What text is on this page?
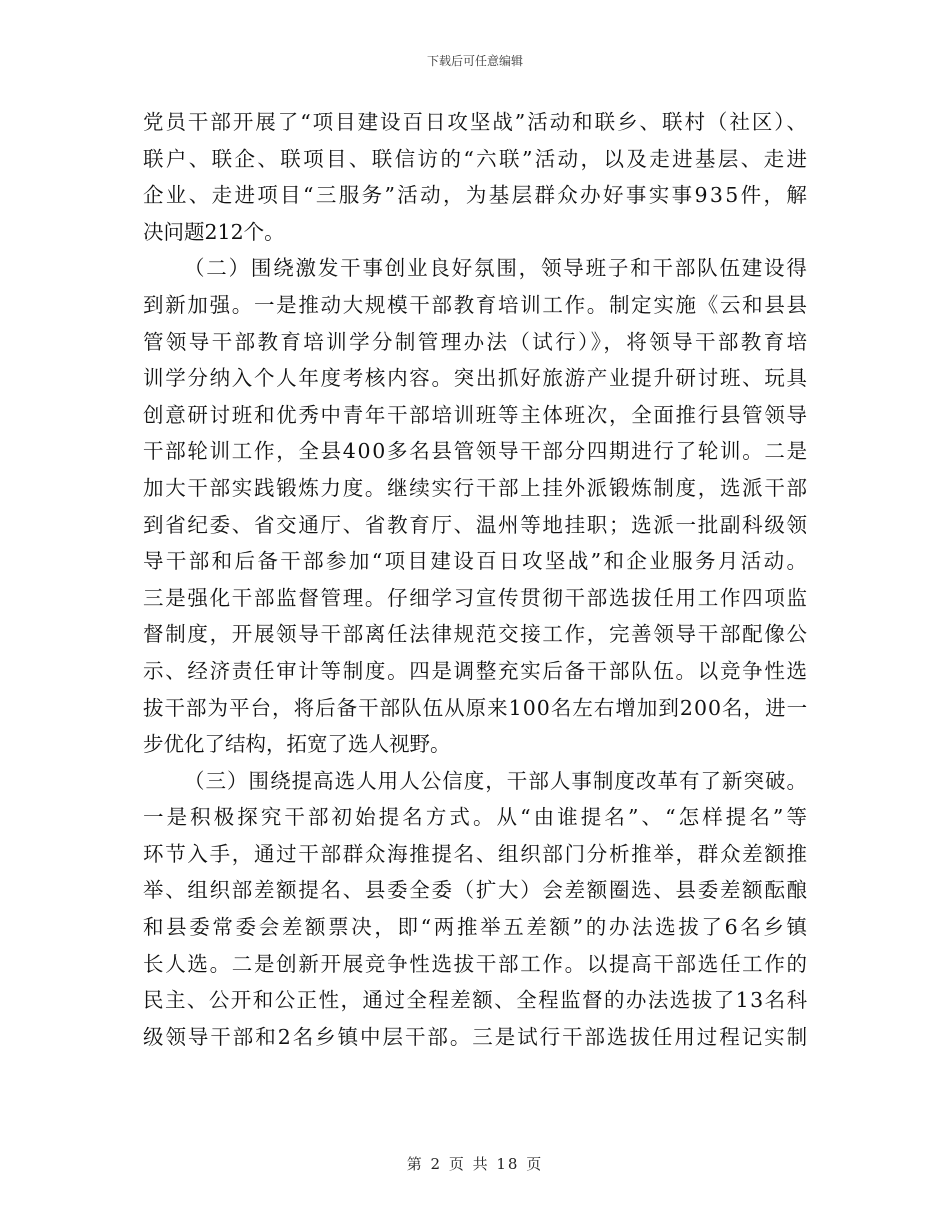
下载后可任意编辑
党员干部开展了“项目建设百日攻坚战”活动和联乡、联村（社区）、
联户、联企、联项目、联信访的“六联”活动，以及走进基层、走进
企业、走进项目“三服务”活动，为基层群众办好事实事935件，解
决问题212个。
（二）围绕激发干事创业良好氛围，领导班子和干部队伍建设得
到新加强。一是推动大规模干部教育培训工作。制定实施《云和县县
管领导干部教育培训学分制管理办法（试行）》，将领导干部教育培
训学分纳入个人年度考核内容。突出抓好旅游产业提升研讨班、玩具
创意研讨班和优秀中青年干部培训班等主体班次，全面推行县管领导
干部轮训工作，全县400多名县管领导干部分四期进行了轮训。二是
加大干部实践锻炼力度。继续实行干部上挂外派锻炼制度，选派干部
到省纪委、省交通厅、省教育厅、温州等地挂职；选派一批副科级领
导干部和后备干部参加“项目建设百日攻坚战”和企业服务月活动。
三是强化干部监督管理。仔细学习宣传贯彻干部选拔任用工作四项监
督制度，开展领导干部离任法律规范交接工作，完善领导干部配像公
示、经济责任审计等制度。四是调整充实后备干部队伍。以竞争性选
拔干部为平台，将后备干部队伍从原来100名左右增加到200名，进一
步优化了结构，拓宽了选人视野。
（三）围绕提高选人用人公信度，干部人事制度改革有了新突破。
一是积极探究干部初始提名方式。从“由谁提名”、“怎样提名”等
环节入手，通过干部群众海推提名、组织部门分析推举，群众差额推
举、组织部差额提名、县委全委（扩大）会差额圈选、县委差额酝酿
和县委常委会差额票决，即“两推举五差额”的办法选拔了6名乡镇
长人选。二是创新开展竞争性选拔干部工作。以提高干部选任工作的
民主、公开和公正性，通过全程差额、全程监督的办法选拔了13名科
级领导干部和2名乡镇中层干部。三是试行干部选拔任用过程记实制
第 2 页 共 18 页
